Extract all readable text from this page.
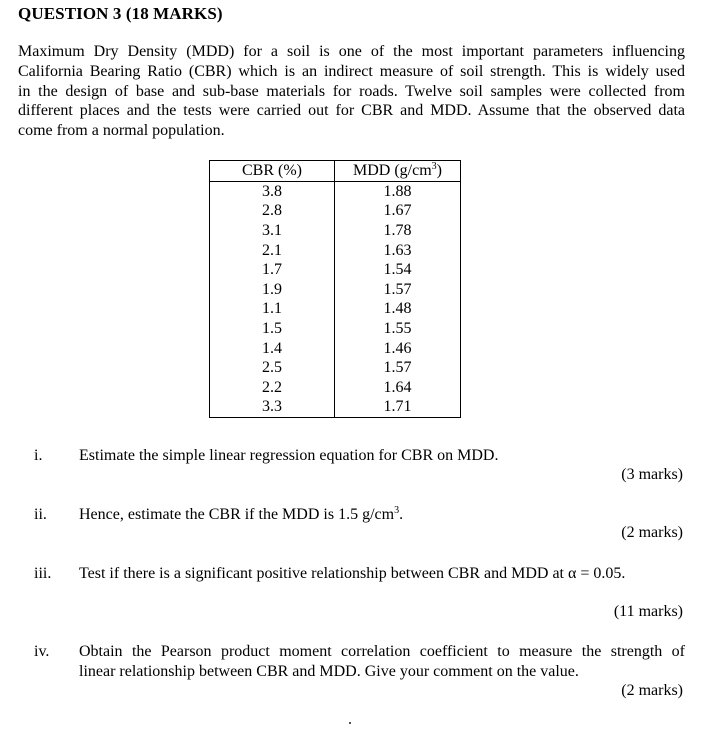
QUESTION 3 (18 MARKS)
Maximum Dry Density (MDD) for a soil is one of the most important parameters influencing
California Bearing Ratio (CBR) which is an indirect measure of soil strength. This is widely used
in the design of base and sub-base materials for roads. Twelve soil samples were collected from
different places and the tests were carried out for CBR and MDD. Assume that the observed data
come from a normal population.
CBR (%)	MDD $(g/cm^3)$
3.8	1.88
2.8	1.67
3.1	1.78
2.1	1.63
1.7	1.54
1.9	1.57
1.1	1.48
1.5	1.55
1.4	1.46
2.5	1.57
2.2	1.64
3.3	1.71
i.	Estimate the simple linear regression equation for CBR on MDD.
(3 marks)
ii.	Hence, estimate the CBR if the MDD is 1.5 $g/cm^3$.
(2 marks)
iii.	Test if there is a significant positive relationship between CBR and MDD at α = 0.05.
(11 marks)
iv.	Obtain the Pearson product moment correlation coefficient to measure the strength of
linear relationship between CBR and MDD. Give your comment on the value.
(2 marks)
